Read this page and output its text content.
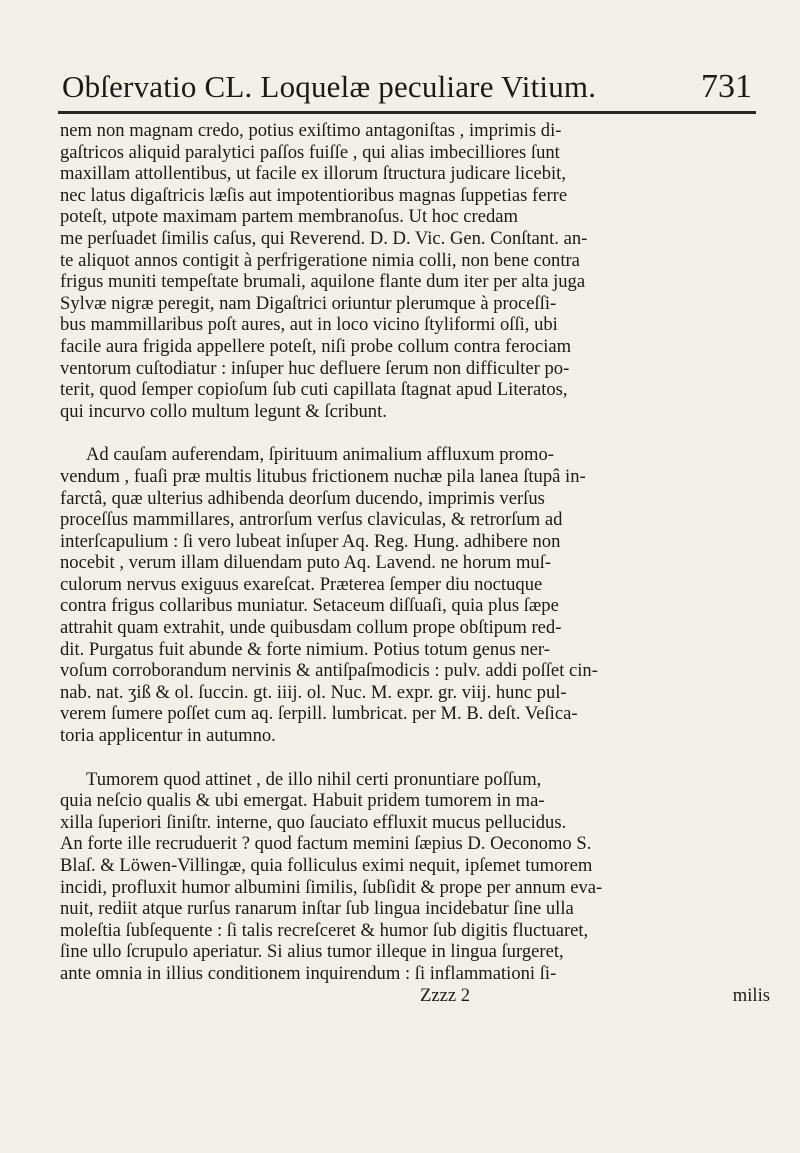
Obſervatio CL. Loquelæ peculiare Vitium.	731
nem non magnam credo, potius exiſtimo antagoniſtas , imprimis di-
gaſtricos aliquid paralytici paſſos fuiſſe , qui alias imbecilliores ſunt
maxillam attollentibus, ut facile ex illorum ſtructura judicare licebit,
nec latus digaſtricis læſis aut impotentioribus magnas ſuppetias ferre
poteſt, utpote maximam partem membranoſus. Ut hoc credam
me perſuadet ſimilis caſus, qui Reverend. D. D. Vic. Gen. Conſtant. an-
te aliquot annos contigit à perfrigeratione nimia colli, non bene contra
frigus muniti tempeſtate brumali, aquilone flante dum iter per alta juga
Sylvæ nigræ peregit, nam Digaſtrici oriuntur plerumque à proceſſi-
bus mammillaribus poſt aures, aut in loco vicino ſtyliformi oſſi, ubi
facile aura frigida appellere poteſt, niſi probe collum contra ferociam
ventorum cuſtodiatur : inſuper huc defluere ſerum non difficulter po-
terit, quod ſemper copioſum ſub cuti capillata ſtagnat apud Literatos,
qui incurvo collo multum legunt & ſcribunt.
Ad cauſam auferendam, ſpirituum animalium affluxum promo-
vendum , fuaſi præ multis litubus frictionem nuchæ pila lanea ſtupâ in-
farctâ, quæ ulterius adhibenda deorſum ducendo, imprimis verſus
proceſſus mammillares, antrorſum verſus claviculas, & retrorſum ad
interſcapulium : ſi vero lubeat inſuper Aq. Reg. Hung. adhibere non
nocebit , verum illam diluendam puto Aq. Lavend. ne horum muſ-
culorum nervus exiguus exareſcat. Præterea ſemper diu noctuque
contra frigus collaribus muniatur. Setaceum diſſuaſi, quia plus ſæpe
attrahit quam extrahit, unde quibusdam collum prope obſtipum red-
dit. Purgatus fuit abunde & forte nimium. Potius totum genus ner-
voſum corroborandum nervinis & antiſpaſmodicis : pulv. addi poſſet cin-
nab. nat. ʒiß & ol. ſuccin. gt. iiij. ol. Nuc. M. expr. gr. viij. hunc pul-
verem ſumere poſſet cum aq. ſerpill. lumbricat. per M. B. deſt. Veſica-
toria applicentur in autumno.
Tumorem quod attinet , de illo nihil certi pronuntiare poſſum,
quia neſcio qualis & ubi emergat. Habuit pridem tumorem in ma-
xilla ſuperiori ſiniſtr. interne, quo ſauciato effluxit mucus pellucidus.
An forte ille recruduerit ? quod factum memini ſæpius D. Oeconomo S.
Blaſ. & Löwen-Villingæ, quia folliculus eximi nequit, ipſemet tumorem
incidi, profluxit humor albumini ſimilis, ſubſidit & prope per annum eva-
nuit, rediit atque rurſus ranarum inſtar ſub lingua incidebatur ſine ulla
moleſtia ſubſequente : ſi talis recreſceret & humor ſub digitis fluctuaret,
ſine ullo ſcrupulo aperiatur. Si alius tumor illeque in lingua ſurgeret,
ante omnia in illius conditionem inquirendum : ſi inflammationi ſi-
Zzzz 2	milis
